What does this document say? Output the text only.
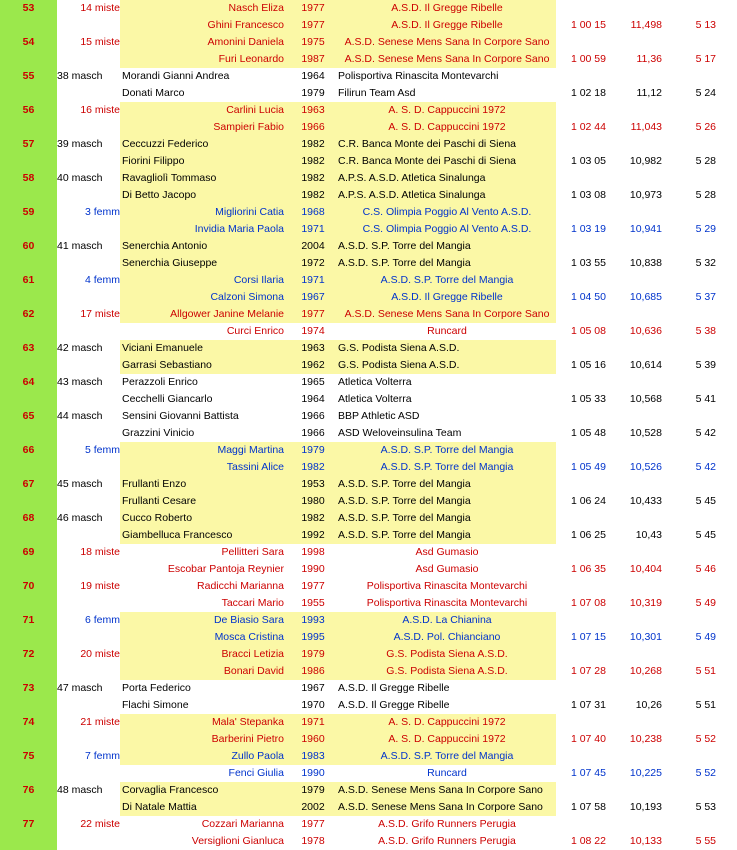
53	14 miste	Nasch Eliza	1977	A.S.D. Il Gregge Ribelle
Ghini Francesco	1977	A.S.D. Il Gregge Ribelle	1 00 15	11,498	5 13
54	15 miste	Amonini Daniela	1975	A.S.D. Senese Mens Sana In Corpore Sano
Furi Leonardo	1987	A.S.D. Senese Mens Sana In Corpore Sano	1 00 59	11,36	5 17
55	38 masch	Morandi Gianni Andrea	1964	Polisportiva Rinascita Montevarchi
Donati Marco	1979	Filirun Team Asd	1 02 18	11,12	5 24
56	16 miste	Carlini Lucia	1963	A. S. D. Cappuccini 1972
Sampieri Fabio	1966	A. S. D. Cappuccini 1972	1 02 44	11,043	5 26
57	39 masch	Ceccuzzi Federico	1982	C.R. Banca Monte dei Paschi di Siena
Fiorini Filippo	1982	C.R. Banca Monte dei Paschi di Siena	1 03 05	10,982	5 28
58	40 masch	Ravagliolì Tommaso	1982	A.P.S. A.S.D. Atletica Sinalunga
Di Betto Jacopo	1982	A.P.S. A.S.D. Atletica Sinalunga	1 03 08	10,973	5 28
59	3 femm	Migliorini Catia	1968	C.S. Olimpia Poggio Al Vento A.S.D.
Invidia Maria Paola	1971	C.S. Olimpia Poggio Al Vento A.S.D.	1 03 19	10,941	5 29
60	41 masch	Senerchia Antonio	2004	A.S.D. S.P. Torre del Mangia
Senerchia Giuseppe	1972	A.S.D. S.P. Torre del Mangia	1 03 55	10,838	5 32
61	4 femm	Corsi Ilaria	1971	A.S.D. S.P. Torre del Mangia
Calzoni Simona	1967	A.S.D. Il Gregge Ribelle	1 04 50	10,685	5 37
62	17 miste	Allgower Janine Melanie	1977	A.S.D. Senese Mens Sana In Corpore Sano
Curci Enrico	1974	Runcard	1 05 08	10,636	5 38
63	42 masch	Viciani Emanuele	1963	G.S. Podista Siena A.S.D.
Garrasi Sebastiano	1962	G.S. Podista Siena A.S.D.	1 05 16	10,614	5 39
64	43 masch	Perazzoli Enrico	1965	Atletica Volterra
Cecchelli Giancarlo	1964	Atletica Volterra	1 05 33	10,568	5 41
65	44 masch	Sensini Giovanni Battista	1966	BBP Athletic ASD
Grazzini Vinicio	1966	ASD Weloveinsulina Team	1 05 48	10,528	5 42
66	5 femm	Maggi Martina	1979	A.S.D. S.P. Torre del Mangia
Tassini Alice	1982	A.S.D. S.P. Torre del Mangia	1 05 49	10,526	5 42
67	45 masch	Frullanti Enzo	1953	A.S.D. S.P. Torre del Mangia
Frullanti Cesare	1980	A.S.D. S.P. Torre del Mangia	1 06 24	10,433	5 45
68	46 masch	Cucco Roberto	1982	A.S.D. S.P. Torre del Mangia
Giambelluca Francesco	1992	A.S.D. S.P. Torre del Mangia	1 06 25	10,43	5 45
69	18 miste	Pellitteri Sara	1998	Asd Gumasio
Escobar Pantoja Reynier	1990	Asd Gumasio	1 06 35	10,404	5 46
70	19 miste	Radicchi Marianna	1977	Polisportiva Rinascita Montevarchi
Taccari Mario	1955	Polisportiva Rinascita Montevarchi	1 07 08	10,319	5 49
71	6 femm	De Biasio Sara	1993	A.S.D. La Chianina
Mosca Cristina	1995	A.S.D. Pol. Chianciano	1 07 15	10,301	5 49
72	20 miste	Bracci Letizia	1979	G.S. Podista Siena A.S.D.
Bonari David	1986	G.S. Podista Siena A.S.D.	1 07 28	10,268	5 51
73	47 masch	Porta Federico	1967	A.S.D. Il Gregge Ribelle
Flachi Simone	1970	A.S.D. Il Gregge Ribelle	1 07 31	10,26	5 51
74	21 miste	Mala' Stepanka	1971	A. S. D. Cappuccini 1972
Barberini Pietro	1960	A. S. D. Cappuccini 1972	1 07 40	10,238	5 52
75	7 femm	Zullo Paola	1983	A.S.D. S.P. Torre del Mangia
Fenci Giulia	1990	Runcard	1 07 45	10,225	5 52
76	48 masch	Corvaglia Francesco	1979	A.S.D. Senese Mens Sana In Corpore Sano
Di Natale Mattia	2002	A.S.D. Senese Mens Sana In Corpore Sano	1 07 58	10,193	5 53
77	22 miste	Cozzari Marianna	1977	A.S.D. Grifo Runners Perugia
Versiglioni Gianluca	1978	A.S.D. Grifo Runners Perugia	1 08 22	10,133	5 55
